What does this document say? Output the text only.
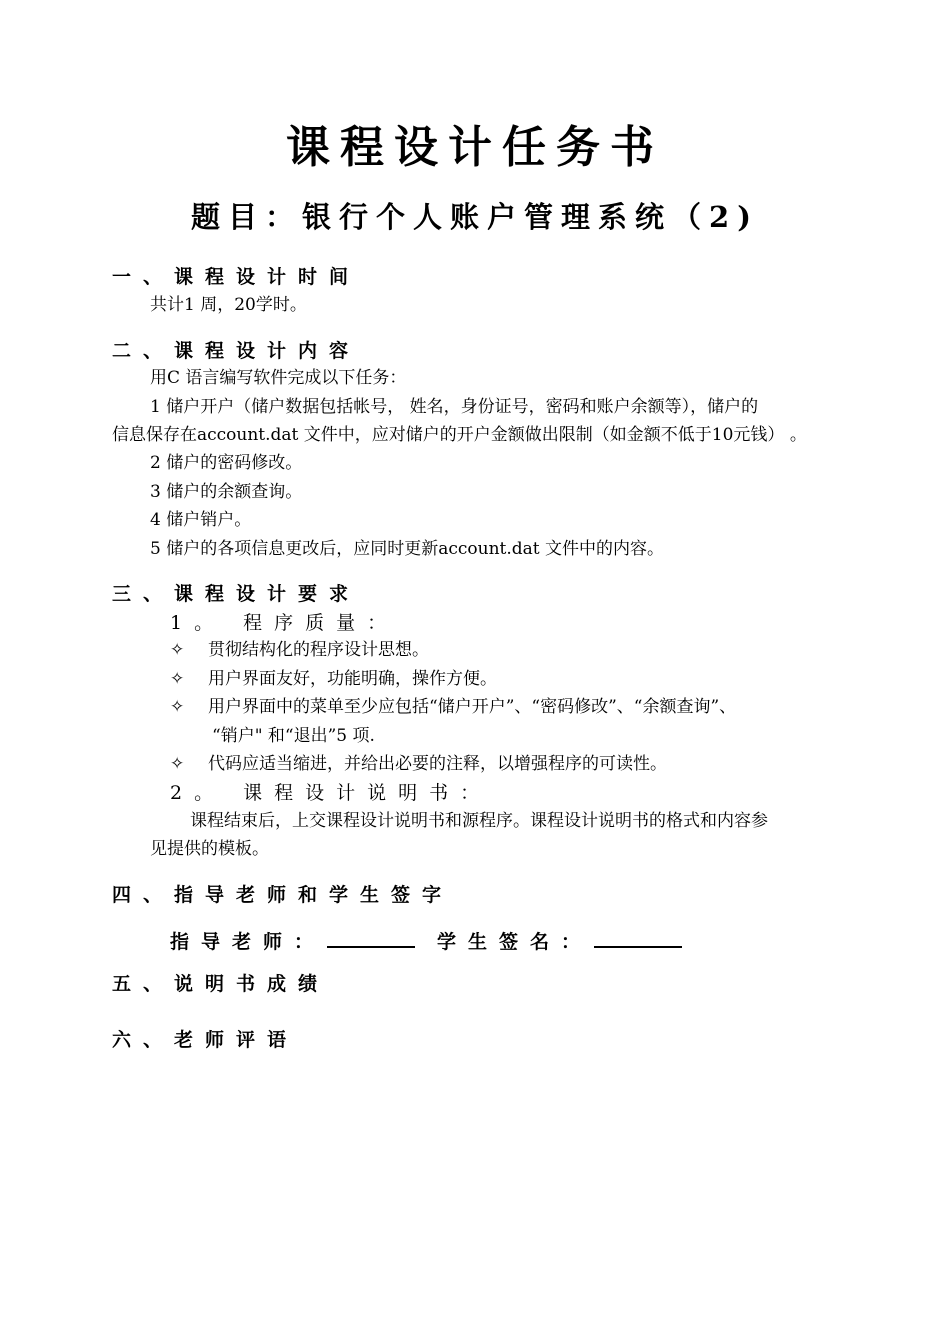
课程设计任务书
题目：银行个人账户管理系统（2)
一、课程设计时间
共计1 周，20学时。
二、课程设计内容
用C 语言编写软件完成以下任务：
1 储户开户（储户数据包括帐号， 姓名，身份证号，密码和账户余额等），储户的
信息保存在account.dat 文件中，应对储户的开户金额做出限制（如金额不低于10元钱） 。
2 储户的密码修改。
3 储户的余额查询。
4 储户销户。
5 储户的各项信息更改后，应同时更新account.dat 文件中的内容。
三、课程设计要求
1。 程序质量：
✧ 贯彻结构化的程序设计思想。
✧ 用户界面友好，功能明确，操作方便。
✧ 用户界面中的菜单至少应包括“储户开户”、“密码修改”、“余额查询”、
“销户" 和“退出”5 项.
✧ 代码应适当缩进，并给出必要的注释，以增强程序的可读性。
2。 课程设计说明书：
课程结束后，上交课程设计说明书和源程序。课程设计说明书的格式和内容参
见提供的模板。
四、指导老师和学生签字
指导老师：	学生签名：
五、说明书成绩
六、老师评语
